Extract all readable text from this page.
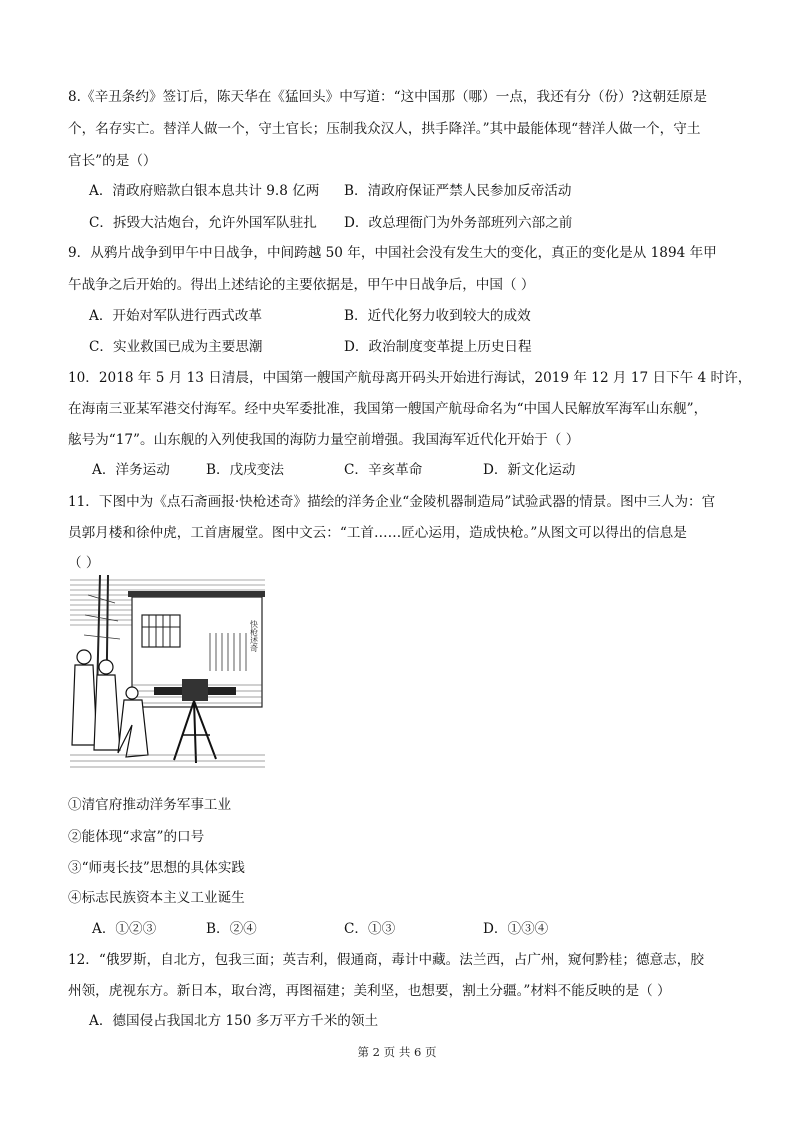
8.《辛丑条约》签订后，陈天华在《猛回头》中写道：“这中国那（哪）一点，我还有分（份）?这朝廷原是
个，名存实亡。替洋人做一个，守土官长；压制我众汉人，拱手降洋。”其中最能体现“替洋人做一个，守土
官长”的是（）
A．清政府赔款白银本息共计 9.8 亿两 B．清政府保证严禁人民参加反帝活动
C．拆毁大沽炮台，允许外国军队驻扎 D．改总理衙门为外务部班列六部之前
9．从鸦片战争到甲午中日战争，中间跨越 50 年，中国社会没有发生大的变化，真正的变化是从 1894 年甲
午战争之后开始的。得出上述结论的主要依据是，甲午中日战争后，中国（ ）
A．开始对军队进行西式改革	B．近代化努力收到较大的成效
C．实业救国已成为主要思潮	D．政治制度变革提上历史日程
10．2018 年 5 月 13 日清晨，中国第一艘国产航母离开码头开始进行海试，2019 年 12 月 17 日下午 4 时许，
在海南三亚某军港交付海军。经中央军委批准，我国第一艘国产航母命名为“中国人民解放军海军山东舰”，
舷号为“17”。山东舰的入列使我国的海防力量空前增强。我国海军近代化开始于（ ）
A．洋务运动	B．戊戌变法	C．辛亥革命	D．新文化运动
11．下图中为《点石斋画报·快枪述奇》描绘的洋务企业“金陵机器制造局”试验武器的情景。图中三人为：官
员郭月楼和徐仲虎，工首唐履堂。图中文云：“工首……匠心运用，造成快枪。”从图文可以得出的信息是
（ ）
快枪述奇
①清官府推动洋务军事工业
②能体现“求富”的口号
③“师夷长技”思想的具体实践
④标志民族资本主义工业诞生
A．①②③	B．②④	C．①③	D．①③④
12．“俄罗斯，自北方，包我三面；英吉利，假通商，毒计中藏。法兰西，占广州，窥何黔桂；德意志，胶
州领，虎视东方。新日本，取台湾，再图福建；美利坚，也想要，割土分疆。”材料不能反映的是（ ）
A．德国侵占我国北方 150 多万平方千米的领土
第 2 页 共 6 页
